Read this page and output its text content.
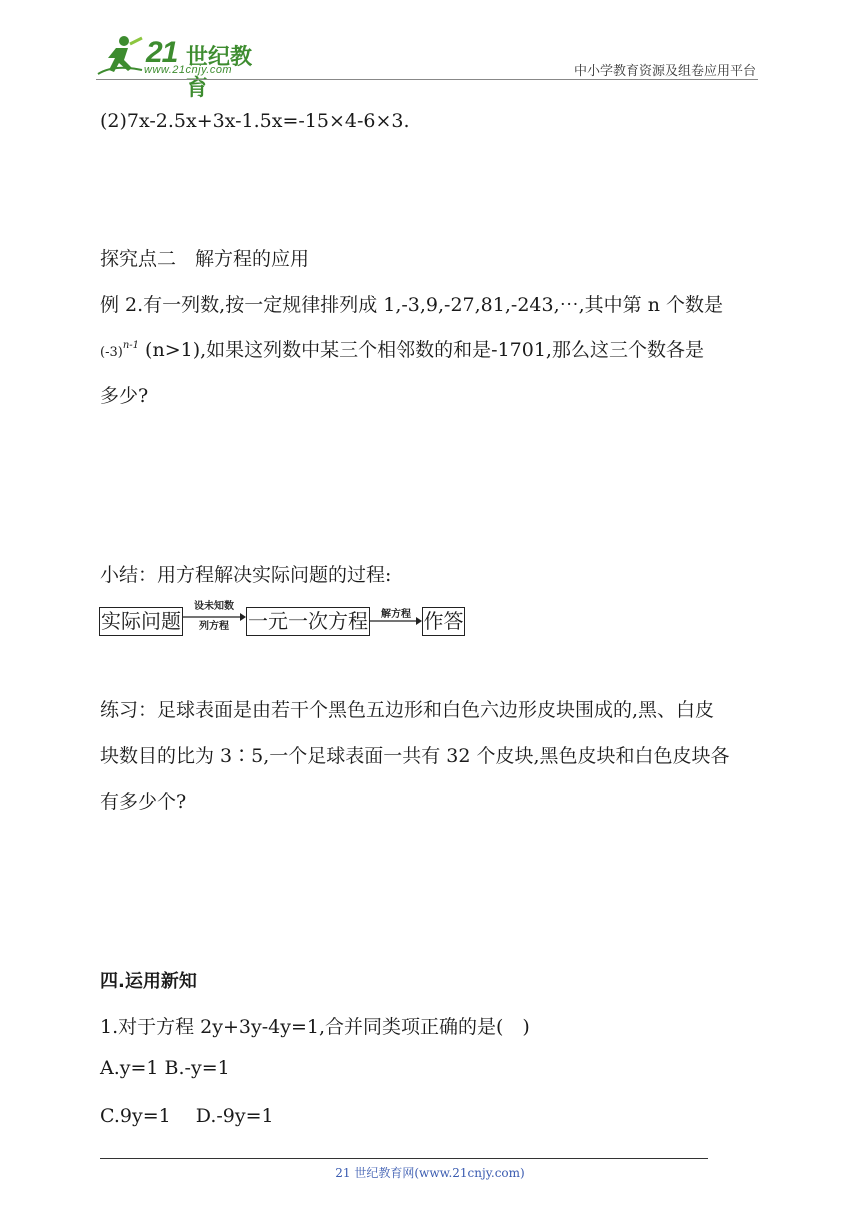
21 世纪教育
www.21cnjy.com	中小学教育资源及组卷应用平台
(2)7x-2.5x+3x-1.5x=-15×4-6×3.
探究点二　解方程的应用
例 2.有一列数,按一定规律排列成 1,-3,9,-27,81,-243,⋯,其中第 n 个数是
$(-3)^{n-1}$ (n>1),如果这列数中某三个相邻数的和是-1701,那么这三个数各是
多少?
小结：用方程解决实际问题的过程:
实际问题
设未知数
列方程 一元一次方程	解方程 作答
练习：足球表面是由若干个黑色五边形和白色六边形皮块围成的,黑、白皮
块数目的比为 3∶5,一个足球表面一共有 32 个皮块,黑色皮块和白色皮块各
有多少个?
四.运用新知
1.对于方程 2y+3y-4y=1,合并同类项正确的是(　)
A.y=1 B.-y=1
C.9y=1　 D.-9y=1
21 世纪教育网(www.21cnjy.com)
